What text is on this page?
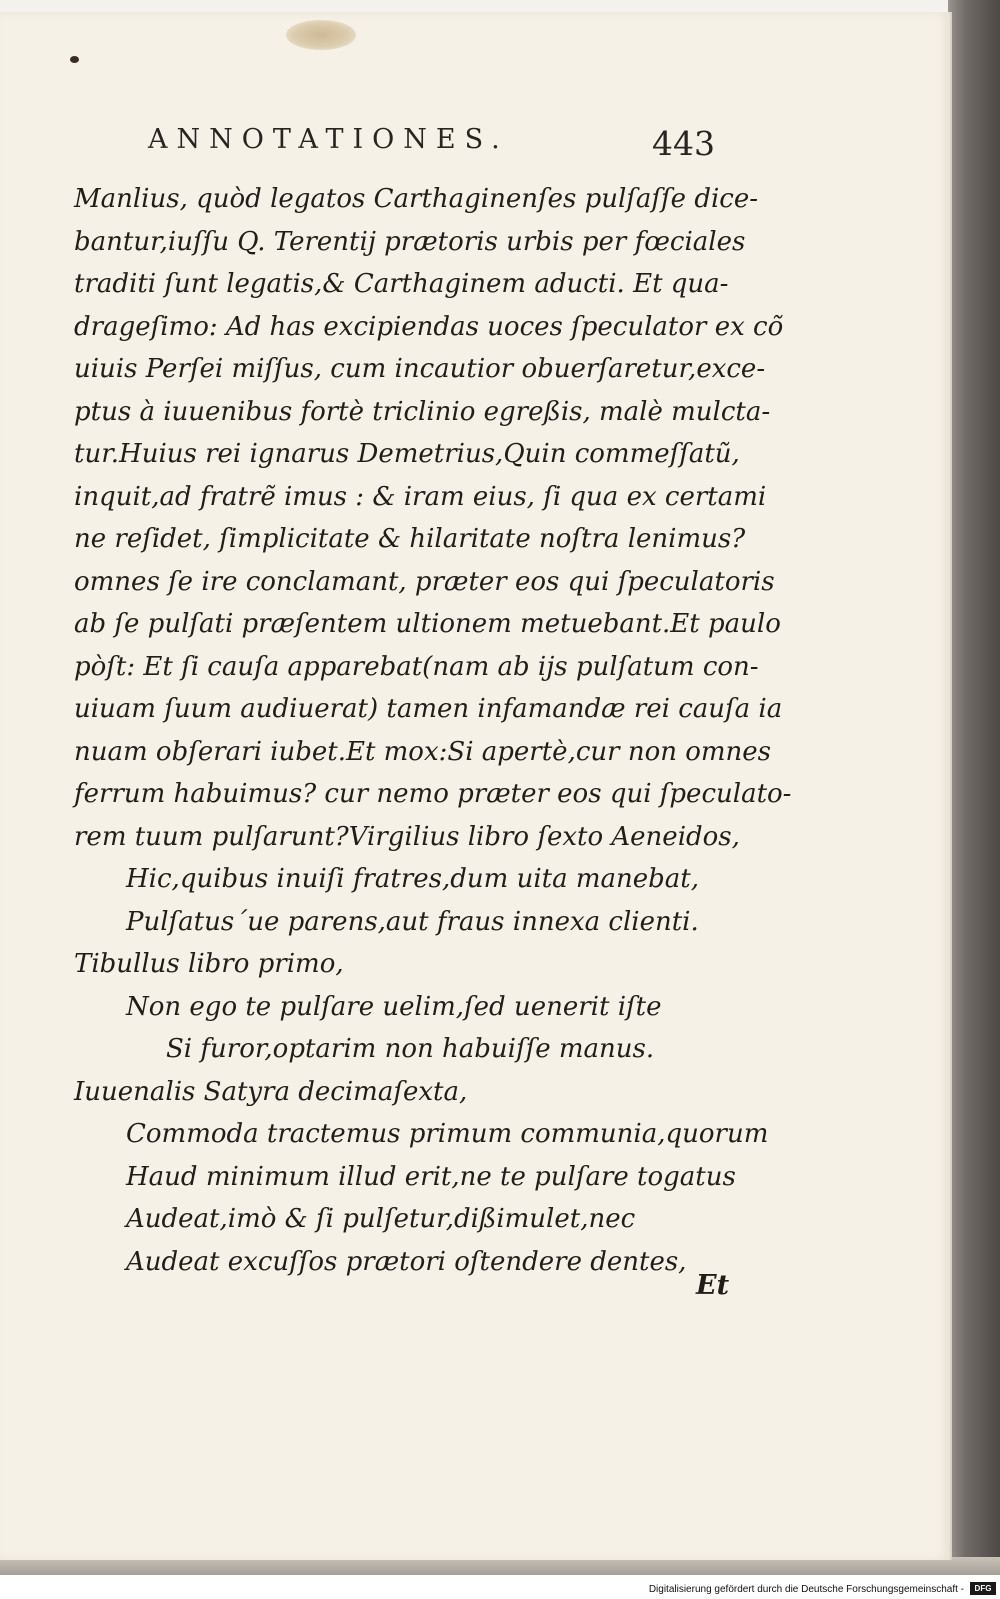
ANNOTATIONES.	443
Manlius, quòd legatos Carthaginenſes pulſaſſe dice-
bantur,iuſſu Q. Terentij prætoris urbis per fœciales
traditi ſunt legatis,& Carthaginem aducti. Et qua-
drageſimo: Ad has excipiendas uoces ſpeculator ex cõ
uiuis Perſei miſſus, cum incautior obuerſaretur,exce-
ptus à iuuenibus fortè triclinio egreßis, malè mulcta-
tur.Huius rei ignarus Demetrius,Quin commeſſatũ,
inquit,ad fratrẽ imus : & iram eius, ſi qua ex certami
ne reſidet, ſimplicitate & hilaritate noſtra lenimus?
omnes ſe ire conclamant, præter eos qui ſpeculatoris
ab ſe pulſati præſentem ultionem metuebant.Et paulo
pòſt: Et ſi cauſa apparebat(nam ab ijs pulſatum con-
uiuam ſuum audiuerat) tamen infamandæ rei cauſa ia
nuam obſerari iubet.Et mox:Si apertè,cur non omnes
ferrum habuimus? cur nemo præter eos qui ſpeculato-
rem tuum pulſarunt?Virgilius libro ſexto Aeneidos,
Hic,quibus inuiſi fratres,dum uita manebat,
Pulſatus´ue parens,aut fraus innexa clienti.
Tibullus libro primo,
Non ego te pulſare uelim,ſed uenerit iſte
Si furor,optarim non habuiſſe manus.
Iuuenalis Satyra decimaſexta,
Commoda tractemus primum communia,quorum
Haud minimum illud erit,ne te pulſare togatus
Audeat,imò & ſi pulſetur,dißimulet,nec
Audeat excuſſos prætori oſtendere dentes,
Et
Digitalisierung gefördert durch die Deutsche Forschungsgemeinschaft -	DFG
